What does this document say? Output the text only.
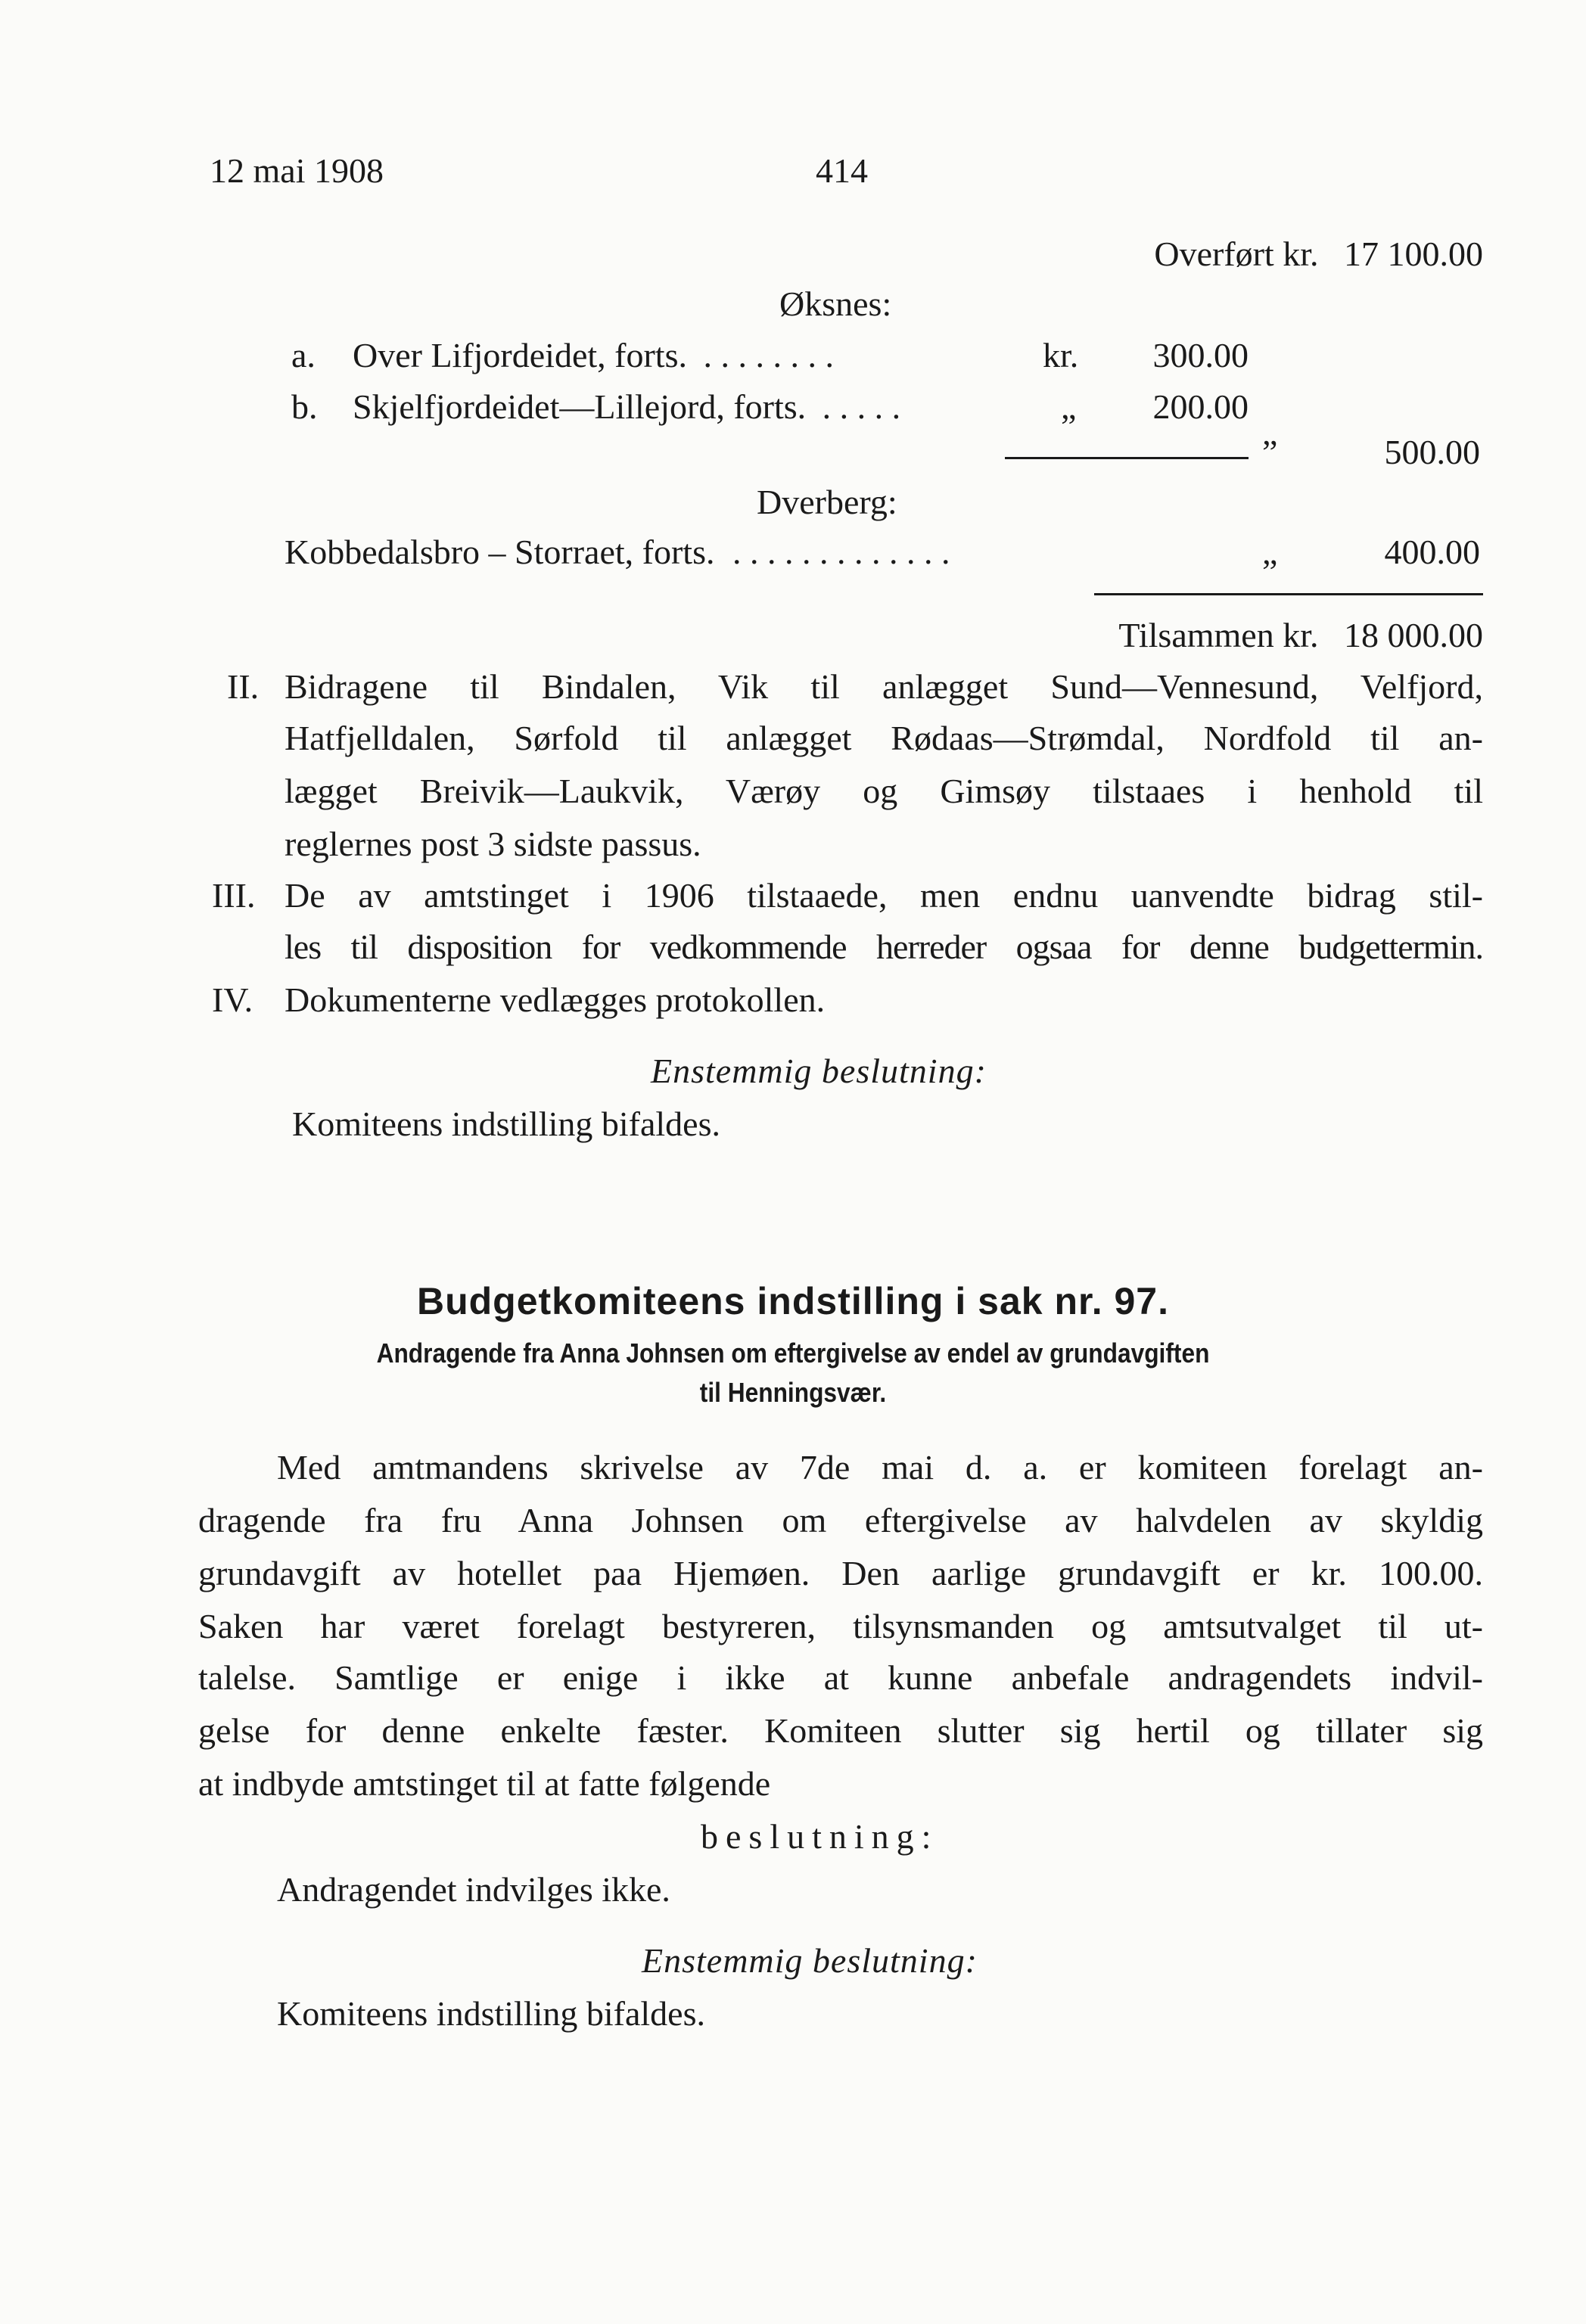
12 mai 1908	414
Overført kr. 17 100.00
Øksnes:
a. Over Lifjordeidet, forts. . . . . . . . .	kr.	300.00
b. Skjelfjordeidet—Lillejord, forts. . . . . .	„	200.00
”	500.00
Dverberg:
Kobbedalsbro – Storraet, forts. . . . . . . . . . . . . .	„	400.00
Tilsammen kr. 18 000.00
II. Bidragene til Bindalen, Vik til anlægget Sund—Vennesund, Velfjord,
Hatfjelldalen, Sørfold til anlægget Rødaas—Strømdal, Nordfold til an-
lægget Breivik—Laukvik, Værøy og Gimsøy tilstaaes i henhold til
reglernes post 3 sidste passus.
III. De av amtstinget i 1906 tilstaaede, men endnu uanvendte bidrag stil-
les til disposition for vedkommende herreder ogsaa for denne budgettermin.
IV. Dokumenterne vedlægges protokollen.
Enstemmig beslutning:
Komiteens indstilling bifaldes.
Budgetkomiteens indstilling i sak nr. 97.
Andragende fra Anna Johnsen om eftergivelse av endel av grundavgiften
til Henningsvær.
Med amtmandens skrivelse av 7de mai d. a. er komiteen forelagt an-
dragende fra fru Anna Johnsen om eftergivelse av halvdelen av skyldig
grundavgift av hotellet paa Hjemøen. Den aarlige grundavgift er kr. 100.00.
Saken har været forelagt bestyreren, tilsynsmanden og amtsutvalget til ut-
talelse. Samtlige er enige i ikke at kunne anbefale andragendets indvil-
gelse for denne enkelte fæster. Komiteen slutter sig hertil og tillater sig
at indbyde amtstinget til at fatte følgende
beslutning:
Andragendet indvilges ikke.
Enstemmig beslutning:
Komiteens indstilling bifaldes.
